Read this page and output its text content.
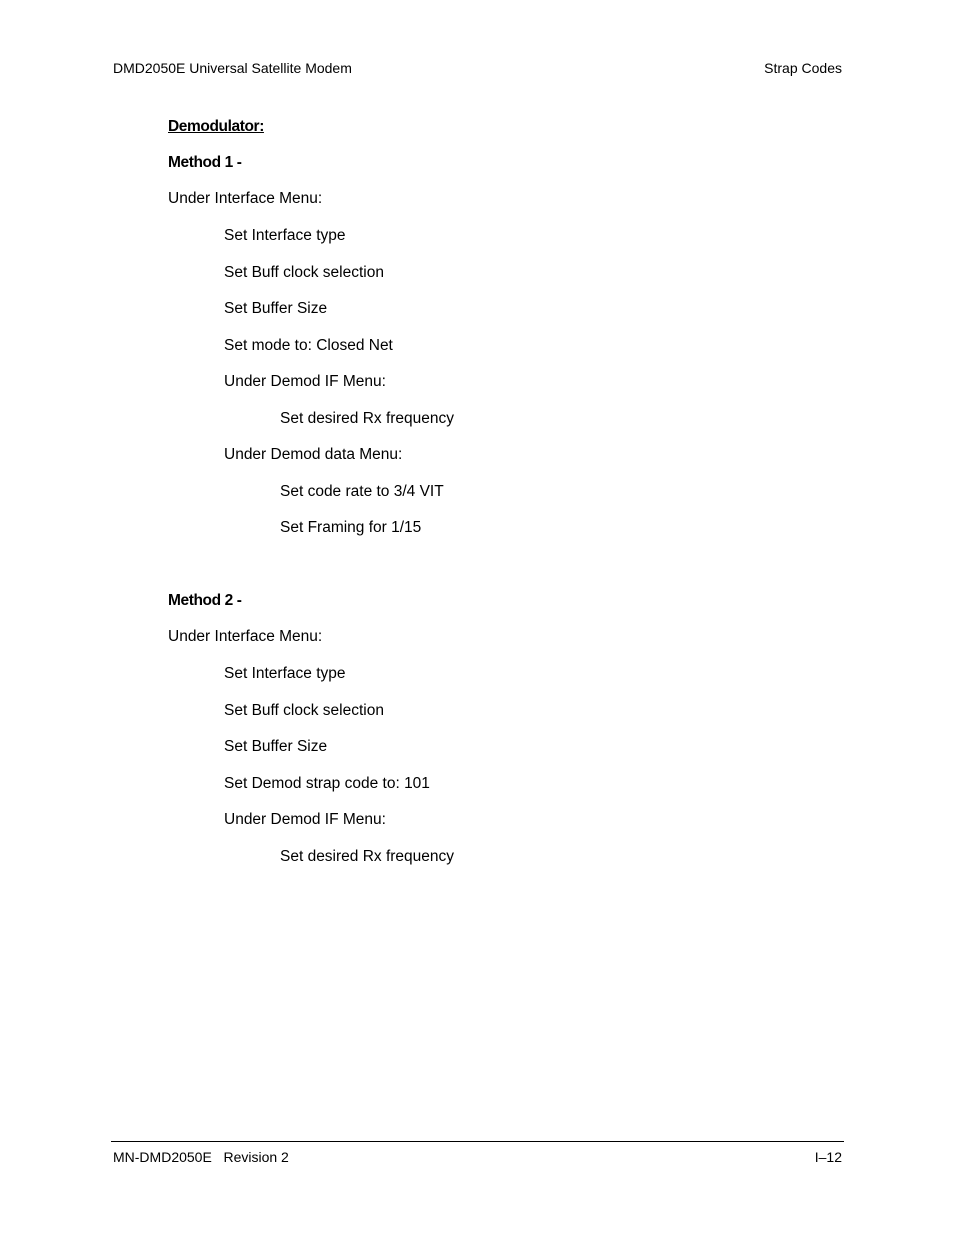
DMD2050E Universal Satellite Modem	Strap Codes
Demodulator:
Method 1 -
Under Interface Menu:
Set Interface type
Set Buff clock selection
Set Buffer Size
Set mode to: Closed Net
Under Demod IF Menu:
Set desired Rx frequency
Under Demod data Menu:
Set code rate to 3/4 VIT
Set Framing for 1/15
Method 2 -
Under Interface Menu:
Set Interface type
Set Buff clock selection
Set Buffer Size
Set Demod strap code to: 101
Under Demod IF Menu:
Set desired Rx frequency
MN-DMD2050E   Revision 2	I–12
